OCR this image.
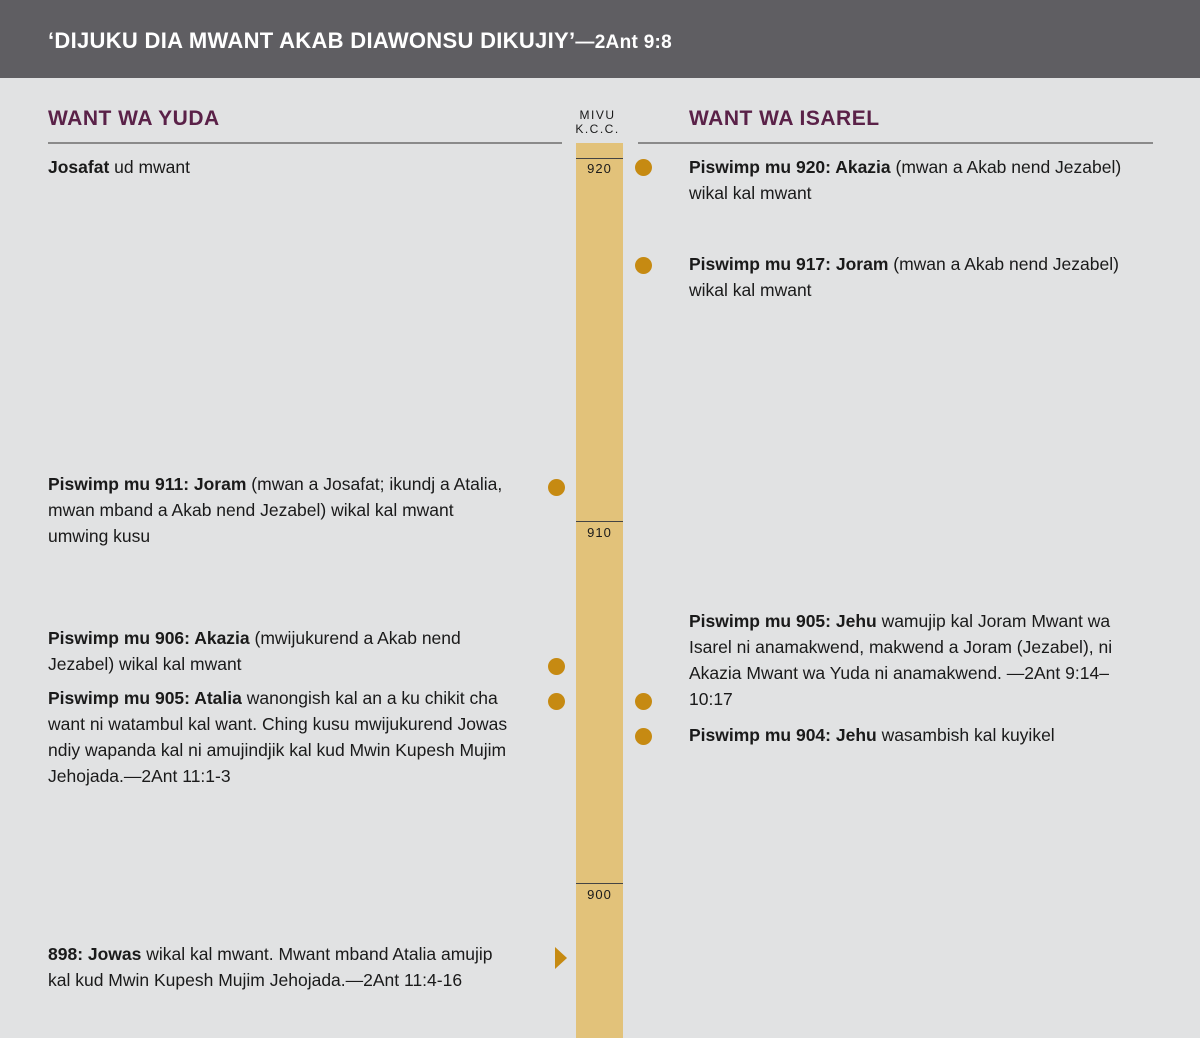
‘DIJUKU DIA MWANT AKAB DIAWONSU DIKUJIY’—2Ant 9:8
WANT WA YUDA	WANT WA ISAREL
MIVU
K.C.C.
920
910
900
Josafat ud mwant
Piswimp mu 911: Joram (mwan a Josafat; ikundj a Atalia, mwan mband a Akab nend Jezabel) wikal kal mwant umwing kusu
Piswimp mu 906: Akazia (mwijukurend a Akab nend Jezabel) wikal kal mwant
Piswimp mu 905: Atalia wanongish kal an a ku chikit cha want ni watambul kal want. Ching kusu mwijukurend Jowas ndiy wapanda kal ni amujindjik kal kud Mwin Kupesh Mujim Jehojada.—2Ant 11:1-3
898: Jowas wikal kal mwant. Mwant mband Atalia amujip kal kud Mwin Kupesh Mujim Jehojada.—2Ant 11:4-16
Piswimp mu 920: Akazia (mwan a Akab nend Jezabel) wikal kal mwant
Piswimp mu 917: Joram (mwan a Akab nend Jezabel) wikal kal mwant
Piswimp mu 905: Jehu wamujip kal Joram Mwant wa Isarel ni anamakwend, makwend a Joram (Jezabel), ni Akazia Mwant wa Yuda ni anamakwend. —2Ant 9:14–10:17
Piswimp mu 904: Jehu wasambish kal kuyikel
